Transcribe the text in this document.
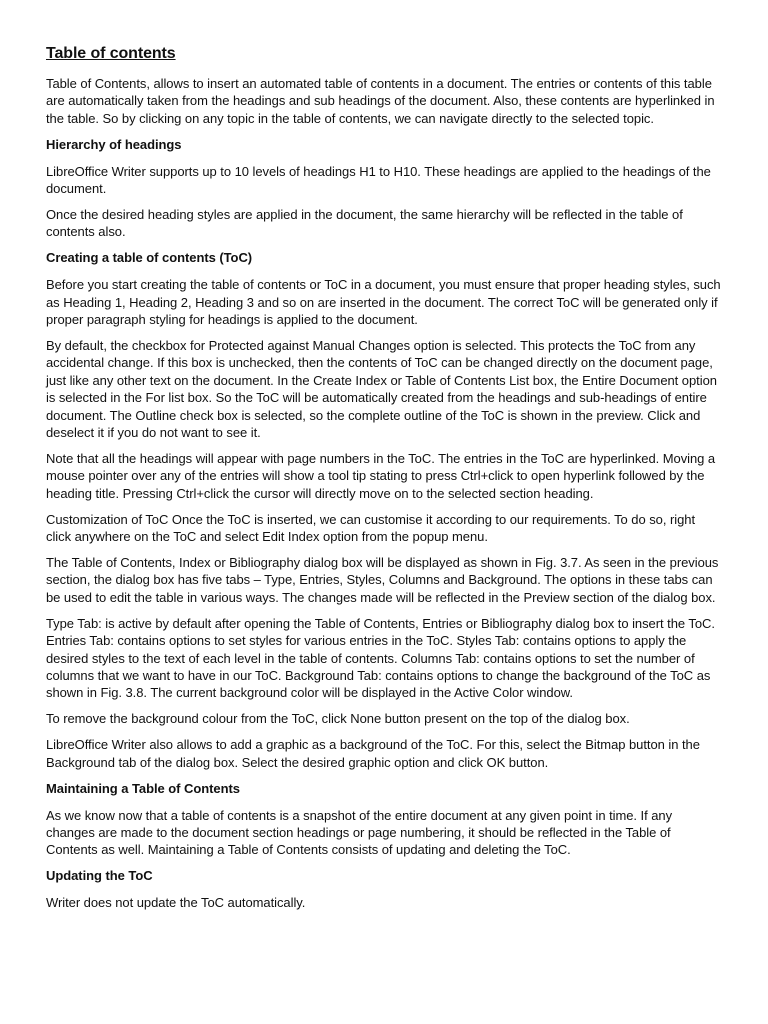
Table of contents

Table of Contents, allows to insert an automated table of contents in a document. The entries or contents of this table are automatically taken from the headings and sub headings of the document. Also, these contents are hyperlinked in the table. So by clicking on any topic in the table of contents, we can navigate directly to the selected topic.

Hierarchy of headings

LibreOffice Writer supports up to 10 levels of headings H1 to H10. These headings are applied to the headings of the document.

Once the desired heading styles are applied in the document, the same hierarchy will be reflected in the table of contents also.

Creating a table of contents (ToC)

Before you start creating the table of contents or ToC in a document, you must ensure that proper heading styles, such as Heading 1, Heading 2, Heading 3 and so on are inserted in the document. The correct ToC will be generated only if proper paragraph styling for headings is applied to the document.

By default, the checkbox for Protected against Manual Changes option is selected. This protects the ToC from any accidental change. If this box is unchecked, then the contents of ToC can be changed directly on the document page, just like any other text on the document. In the Create Index or Table of Contents List box, the Entire Document option is selected in the For list box. So the ToC will be automatically created from the headings and sub-headings of entire document. The Outline check box is selected, so the complete outline of the ToC is shown in the preview. Click and deselect it if you do not want to see it.

Note that all the headings will appear with page numbers in the ToC. The entries in the ToC are hyperlinked. Moving a mouse pointer over any of the entries will show a tool tip stating to press Ctrl+click to open hyperlink followed by the heading title. Pressing Ctrl+click the cursor will directly move on to the selected section heading.

Customization of ToC Once the ToC is inserted, we can customise it according to our requirements. To do so, right click anywhere on the ToC and select Edit Index option from the popup menu.

The Table of Contents, Index or Bibliography dialog box will be displayed as shown in Fig. 3.7. As seen in the previous section, the dialog box has five tabs – Type, Entries, Styles, Columns and Background. The options in these tabs can be used to edit the table in various ways. The changes made will be reflected in the Preview section of the dialog box.

Type Tab: is active by default after opening the Table of Contents, Entries or Bibliography dialog box to insert the ToC. Entries Tab: contains options to set styles for various entries in the ToC. Styles Tab: contains options to apply the desired styles to the text of each level in the table of contents. Columns Tab: contains options to set the number of columns that we want to have in our ToC. Background Tab: contains options to change the background of the ToC as shown in Fig. 3.8. The current background color will be displayed in the Active Color window.

To remove the background colour from the ToC, click None button present on the top of the dialog box.

LibreOffice Writer also allows to add a graphic as a background of the ToC. For this, select the Bitmap button in the Background tab of the dialog box. Select the desired graphic option and click OK button.

Maintaining a Table of Contents

As we know now that a table of contents is a snapshot of the entire document at any given point in time. If any changes are made to the document section headings or page numbering, it should be reflected in the Table of Contents as well. Maintaining a Table of Contents consists of updating and deleting the ToC.

Updating the ToC

Writer does not update the ToC automatically.
